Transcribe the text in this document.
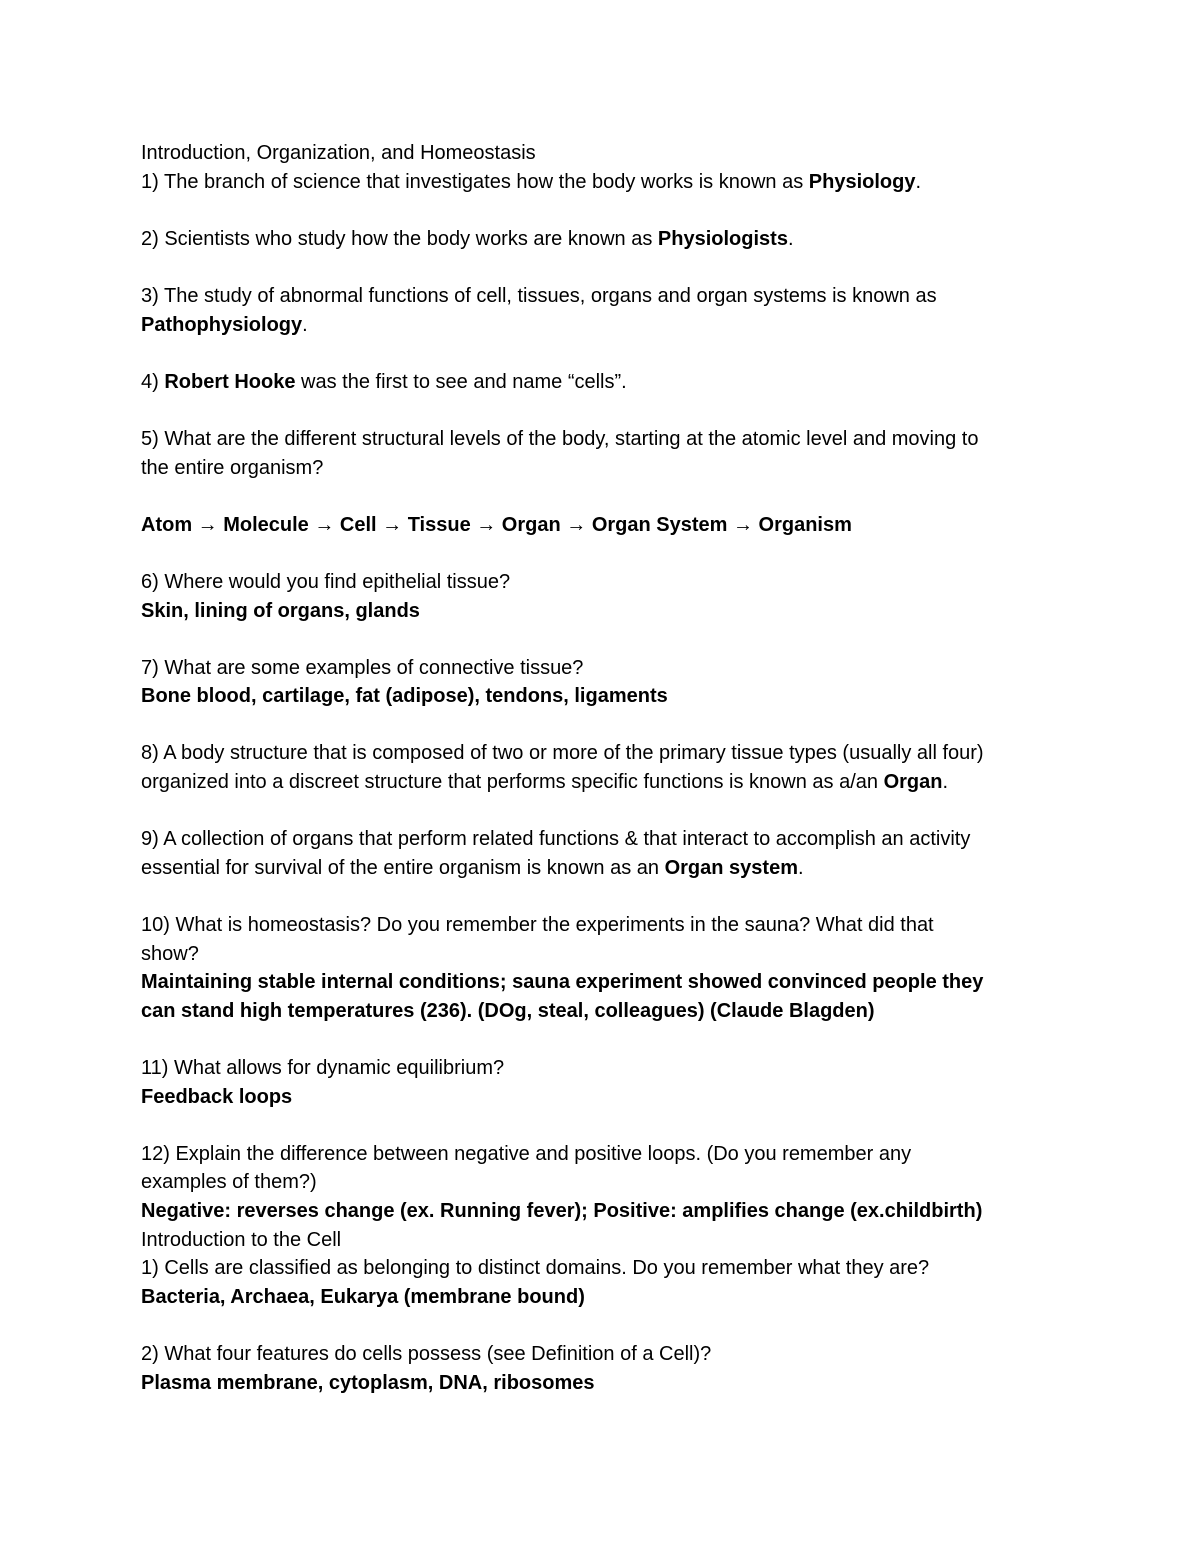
Introduction, Organization, and Homeostasis
1) The branch of science that investigates how the body works is known as Physiology.
2) Scientists who study how the body works are known as Physiologists.
3) The study of abnormal functions of cell, tissues, organs and organ systems is known as
Pathophysiology.
4) Robert Hooke was the first to see and name “cells”.
5) What are the different structural levels of the body, starting at the atomic level and moving to
the entire organism?
Atom → Molecule → Cell → Tissue → Organ → Organ System → Organism
6) Where would you find epithelial tissue?
Skin, lining of organs, glands
7) What are some examples of connective tissue?
Bone blood, cartilage, fat (adipose), tendons, ligaments
8) A body structure that is composed of two or more of the primary tissue types (usually all four)
organized into a discreet structure that performs specific functions is known as a/an Organ.
9) A collection of organs that perform related functions & that interact to accomplish an activity
essential for survival of the entire organism is known as an Organ system.
10) What is homeostasis? Do you remember the experiments in the sauna? What did that
show?
Maintaining stable internal conditions; sauna experiment showed convinced people they
can stand high temperatures (236). (DOg, steal, colleagues) (Claude Blagden)
11) What allows for dynamic equilibrium?
Feedback loops
12) Explain the difference between negative and positive loops. (Do you remember any
examples of them?)
Negative: reverses change (ex. Running fever); Positive: amplifies change (ex.childbirth)
Introduction to the Cell
1) Cells are classified as belonging to distinct domains. Do you remember what they are?
Bacteria, Archaea, Eukarya (membrane bound)
2) What four features do cells possess (see Definition of a Cell)?
Plasma membrane, cytoplasm, DNA, ribosomes
